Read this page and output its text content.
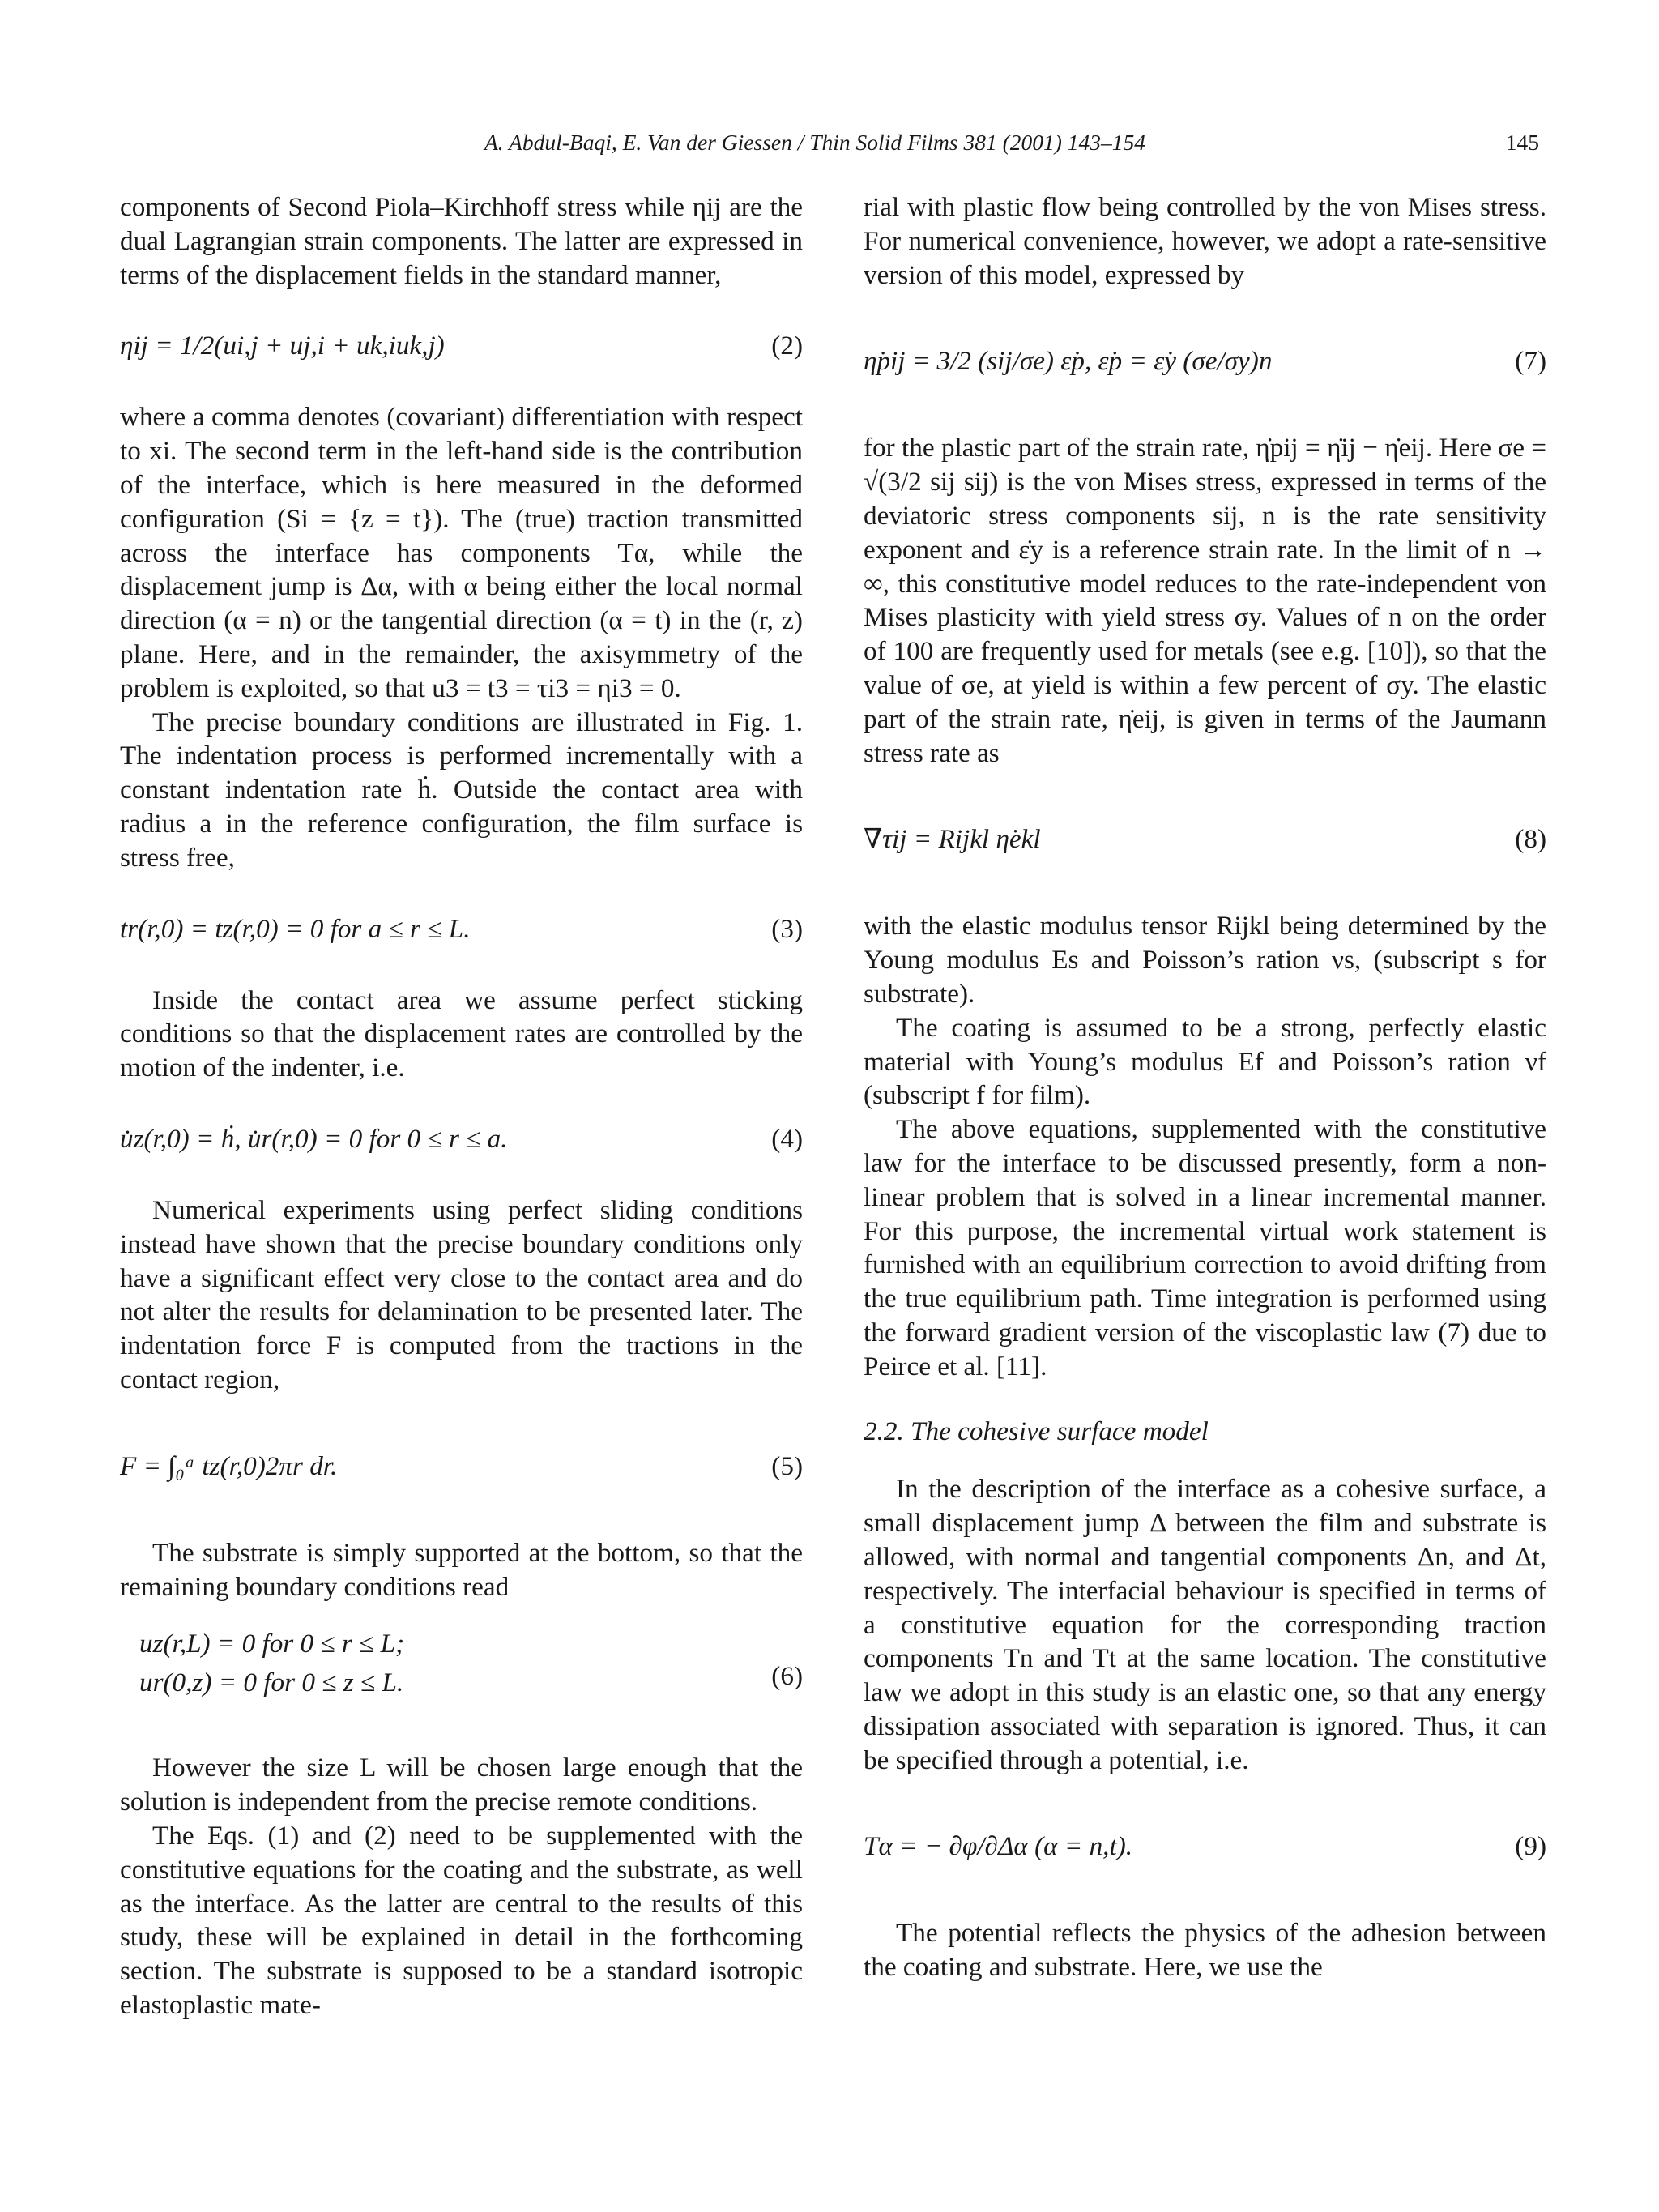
A. Abdul-Baqi, E. Van der Giessen / Thin Solid Films 381 (2001) 143–154	145

components of Second Piola–Kirchhoff stress while ηij are the dual Lagrangian strain components. The latter are expressed in terms of the displacement fields in the standard manner,

ηij = 1/2(ui,j + uj,i + uk,iuk,j)	(2)

where a comma denotes (covariant) differentiation with respect to xi. The second term in the left-hand side is the contribution of the interface, which is here measured in the deformed configuration (Si = {z = t}). The (true) traction transmitted across the interface has components Tα, while the displacement jump is Δα, with α being either the local normal direction (α = n) or the tangential direction (α = t) in the (r, z) plane. Here, and in the remainder, the axisymmetry of the problem is exploited, so that u3 = t3 = τi3 = ηi3 = 0.

The precise boundary conditions are illustrated in Fig. 1. The indentation process is performed incrementally with a constant indentation rate ḣ. Outside the contact area with radius a in the reference configuration, the film surface is stress free,

tr(r,0) = tz(r,0) = 0 for a ≤ r ≤ L.	(3)

Inside the contact area we assume perfect sticking conditions so that the displacement rates are controlled by the motion of the indenter, i.e.

u̇z(r,0) = ḣ, u̇r(r,0) = 0 for 0 ≤ r ≤ a.	(4)

Numerical experiments using perfect sliding conditions instead have shown that the precise boundary conditions only have a significant effect very close to the contact area and do not alter the results for delamination to be presented later. The indentation force F is computed from the tractions in the contact region,

F = ∫₀ᵃ tz(r,0)2πr dr.	(5)

The substrate is simply supported at the bottom, so that the remaining boundary conditions read

uz(r,L) = 0 for 0 ≤ r ≤ L;
ur(0,z) = 0 for 0 ≤ z ≤ L.	(6)

However the size L will be chosen large enough that the solution is independent from the precise remote conditions.

The Eqs. (1) and (2) need to be supplemented with the constitutive equations for the coating and the substrate, as well as the interface. As the latter are central to the results of this study, these will be explained in detail in the forthcoming section. The substrate is supposed to be a standard isotropic elastoplastic mate-

rial with plastic flow being controlled by the von Mises stress. For numerical convenience, however, we adopt a rate-sensitive version of this model, expressed by

η̇pij = 3/2 (sij/σe) ε̇p, ε̇p = ε̇y (σe/σy)n	(7)

for the plastic part of the strain rate, η̇pij = η̇ij − η̇eij. Here σe = √(3/2 sij sij) is the von Mises stress, expressed in terms of the deviatoric stress components sij, n is the rate sensitivity exponent and ε̇y is a reference strain rate. In the limit of n → ∞, this constitutive model reduces to the rate-independent von Mises plasticity with yield stress σy. Values of n on the order of 100 are frequently used for metals (see e.g. [10]), so that the value of σe, at yield is within a few percent of σy. The elastic part of the strain rate, η̇eij, is given in terms of the Jaumann stress rate as

∇τij = Rijkl η̇ekl	(8)

with the elastic modulus tensor Rijkl being determined by the Young modulus Es and Poisson’s ration νs, (subscript s for substrate).

The coating is assumed to be a strong, perfectly elastic material with Young’s modulus Ef and Poisson’s ration νf (subscript f for film).

The above equations, supplemented with the constitutive law for the interface to be discussed presently, form a non-linear problem that is solved in a linear incremental manner. For this purpose, the incremental virtual work statement is furnished with an equilibrium correction to avoid drifting from the true equilibrium path. Time integration is performed using the forward gradient version of the viscoplastic law (7) due to Peirce et al. [11].

2.2. The cohesive surface model

In the description of the interface as a cohesive surface, a small displacement jump Δ between the film and substrate is allowed, with normal and tangential components Δn, and Δt, respectively. The interfacial behaviour is specified in terms of a constitutive equation for the corresponding traction components Tn and Tt at the same location. The constitutive law we adopt in this study is an elastic one, so that any energy dissipation associated with separation is ignored. Thus, it can be specified through a potential, i.e.

Tα = − ∂φ/∂Δα (α = n,t).	(9)

The potential reflects the physics of the adhesion between the coating and substrate. Here, we use the
